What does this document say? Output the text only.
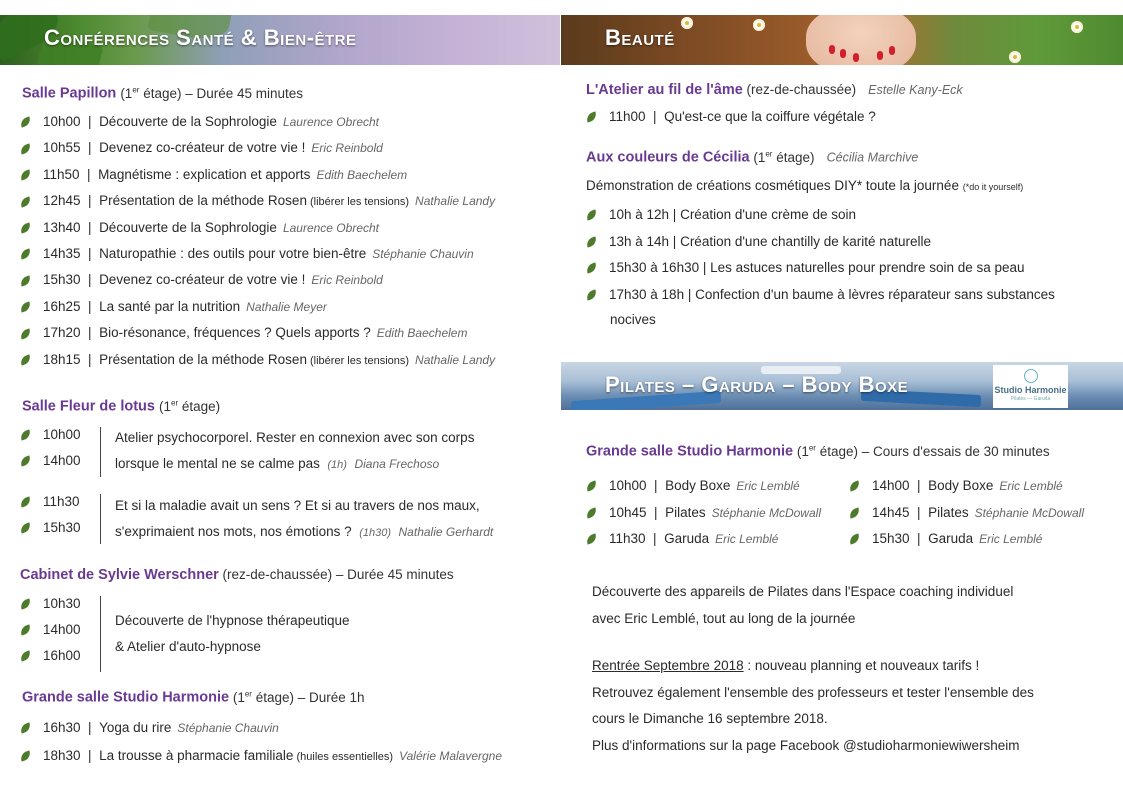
Conférences Santé & Bien-être
Salle Papillon (1er étage) – Durée 45 minutes
10h00  |  Découverte de la Sophrologie Laurence Obrecht
10h55  |  Devenez co-créateur de votre vie ! Eric Reinbold
11h50  |  Magnétisme : explication et apports Edith Baechelem
12h45  |  Présentation de la méthode Rosen (libérer les tensions) Nathalie Landy
13h40  |  Découverte de la Sophrologie Laurence Obrecht
14h35  |  Naturopathie : des outils pour votre bien-être Stéphanie Chauvin
15h30  |  Devenez co-créateur de votre vie ! Eric Reinbold
16h25  |  La santé par la nutrition Nathalie Meyer
17h20  |  Bio-résonance, fréquences ? Quels apports ? Edith Baechelem
18h15  |  Présentation de la méthode Rosen (libérer les tensions) Nathalie Landy
Salle Fleur de lotus (1er étage)
10h00
14h00
Atelier psychocorporel. Rester en connexion avec son corps
lorsque le mental ne se calme pas (1h) Diana Frechoso
11h30
15h30
Et si la maladie avait un sens ? Et si au travers de nos maux,
s'exprimaient nos mots, nos émotions ? (1h30) Nathalie Gerhardt
Cabinet de Sylvie Werschner (rez-de-chaussée) – Durée 45 minutes
10h30
14h00
16h00
Découverte de l'hypnose thérapeutique
& Atelier d'auto-hypnose
Grande salle Studio Harmonie (1er étage) – Durée 1h
16h30  |  Yoga du rire Stéphanie Chauvin
18h30  |  La trousse à pharmacie familiale (huiles essentielles) Valérie Malavergne
Beauté
L'Atelier au fil de l'âme (rez-de-chaussée) Estelle Kany-Eck
11h00  |  Qu'est-ce que la coiffure végétale ?
Aux couleurs de Cécilia (1er étage) Cécilia Marchive
Démonstration de créations cosmétiques DIY* toute la journée (*do it yourself)
10h à 12h | Création d'une crème de soin
13h à 14h | Création d'une chantilly de karité naturelle
15h30 à 16h30 | Les astuces naturelles pour prendre soin de sa peau
17h30 à 18h | Confection d'un baume à lèvres réparateur sans substances
nocives
Pilates – Garuda – Body Boxe	Studio Harmonie
Pilates — Garuda
Grande salle Studio Harmonie (1er étage) – Cours d'essais de 30 minutes
10h00  |  Body Boxe Eric Lemblé
10h45  |  Pilates Stéphanie McDowall
11h30  |  Garuda Eric Lemblé
14h00  |  Body Boxe Eric Lemblé
14h45  |  Pilates Stéphanie McDowall
15h30  |  Garuda Eric Lemblé
Découverte des appareils de Pilates dans l'Espace coaching individuel
avec Eric Lemblé, tout au long de la journée
Rentrée Septembre 2018 : nouveau planning et nouveaux tarifs !
Retrouvez également l'ensemble des professeurs et tester l'ensemble des
cours le Dimanche 16 septembre 2018.
Plus d'informations sur la page Facebook @studioharmoniewiwersheim
